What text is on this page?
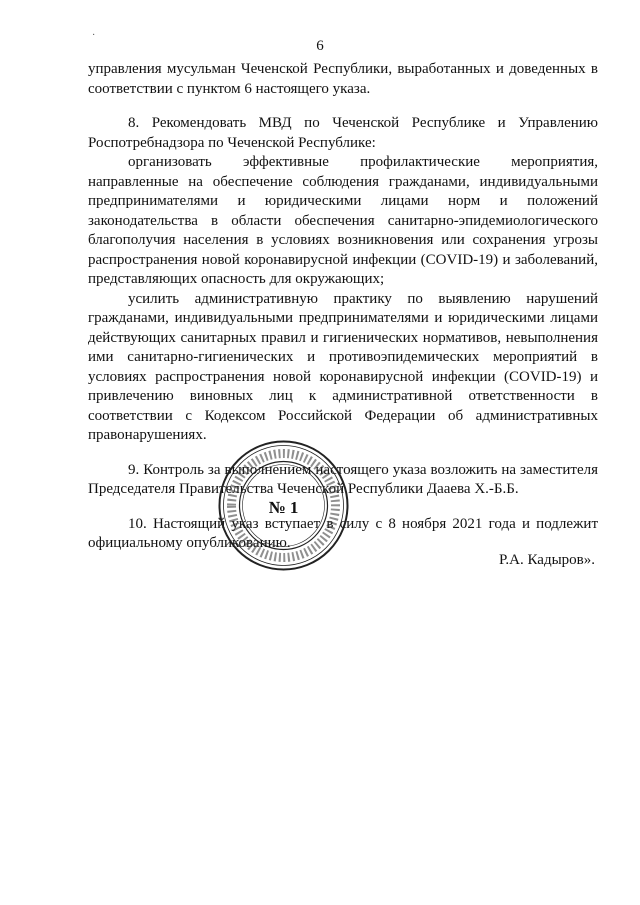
·
6

управления мусульман Чеченской Республики, выработанных и доведенных в соответствии с пунктом 6 настоящего указа.

8. Рекомендовать МВД по Чеченской Республике и Управлению Роспотребнадзора по Чеченской Республике:

организовать эффективные профилактические мероприятия, направленные на обеспечение соблюдения гражданами, индивидуальными предпринимателями и юридическими лицами норм и положений законодательства в области обеспечения санитарно-эпидемиологического благополучия населения в условиях возникновения или сохранения угрозы распространения новой коронавирусной инфекции (COVID-19) и заболеваний, представляющих опасность для окружающих;

усилить административную практику по выявлению нарушений гражданами, индивидуальными предпринимателями и юридическими лицами действующих санитарных правил и гигиенических нормативов, невыполнения ими санитарно-гигиенических и противоэпидемических мероприятий в условиях распространения новой коронавирусной инфекции (COVID-19) и привлечению виновных лиц к административной ответственности в соответствии с Кодексом Российской Федерации об административных правонарушениях.

9. Контроль за выполнением настоящего указа возложить на заместителя Председателя Правительства Чеченской Республики Дааева Х.-Б.Б.

10. Настоящий указ вступает в силу с 8 ноября 2021 года и подлежит официальному опубликованию.

№ 1
Р.А. Кадыров».
